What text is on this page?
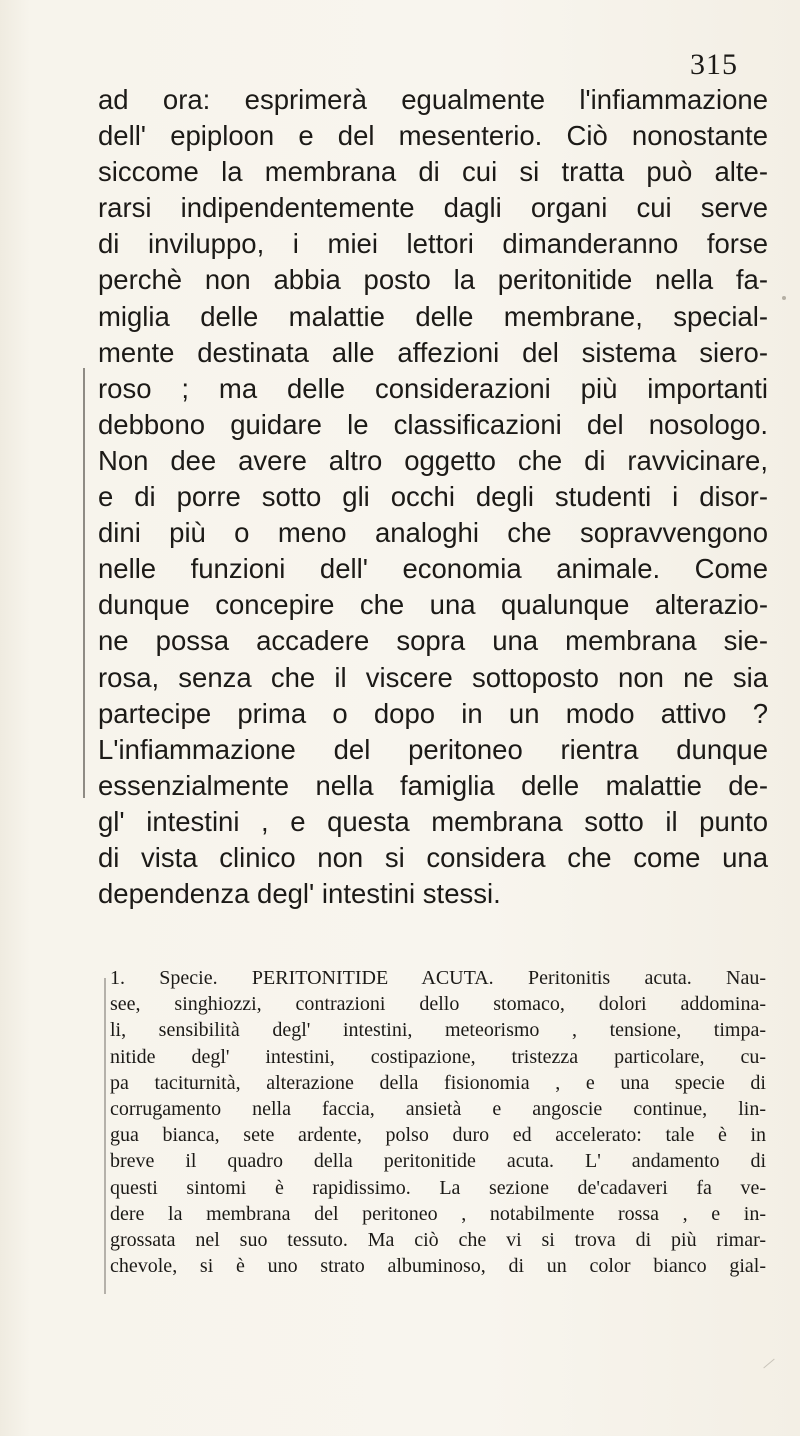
315
ad ora: esprimerà egualmente l'infiammazione
dell' epiploon e del mesenterio. Ciò nonostante
siccome la membrana di cui si tratta può alte-
rarsi indipendentemente dagli organi cui serve
di inviluppo, i miei lettori dimanderanno forse
perchè non abbia posto la peritonitide nella fa-
miglia delle malattie delle membrane, special-
mente destinata alle affezioni del sistema siero-
roso ; ma delle considerazioni più importanti
debbono guidare le classificazioni del nosologo.
Non dee avere altro oggetto che di ravvicinare,
e di porre sotto gli occhi degli studenti i disor-
dini più o meno analoghi che sopravvengono
nelle funzioni dell' economia animale. Come
dunque concepire che una qualunque alterazio-
ne possa accadere sopra una membrana sie-
rosa, senza che il viscere sottoposto non ne sia
partecipe prima o dopo in un modo attivo ?
L'infiammazione del peritoneo rientra dunque
essenzialmente nella famiglia delle malattie de-
gl' intestini , e questa membrana sotto il punto
di vista clinico non si considera che come una
dependenza degl' intestini stessi.
1. Specie. PERITONITIDE ACUTA. Peritonitis acuta. Nau-
see, singhiozzi, contrazioni dello stomaco, dolori addomina-
li, sensibilità degl' intestini, meteorismo , tensione, timpa-
nitide degl' intestini, costipazione, tristezza particolare, cu-
pa taciturnità, alterazione della fisionomia , e una specie di
corrugamento nella faccia, ansietà e angoscie continue, lin-
gua bianca, sete ardente, polso duro ed accelerato: tale è in
breve il quadro della peritonitide acuta. L' andamento di
questi sintomi è rapidissimo. La sezione de'cadaveri fa ve-
dere la membrana del peritoneo , notabilmente rossa , e in-
grossata nel suo tessuto. Ma ciò che vi si trova di più rimar-
chevole, si è uno strato albuminoso, di un color bianco gial-
